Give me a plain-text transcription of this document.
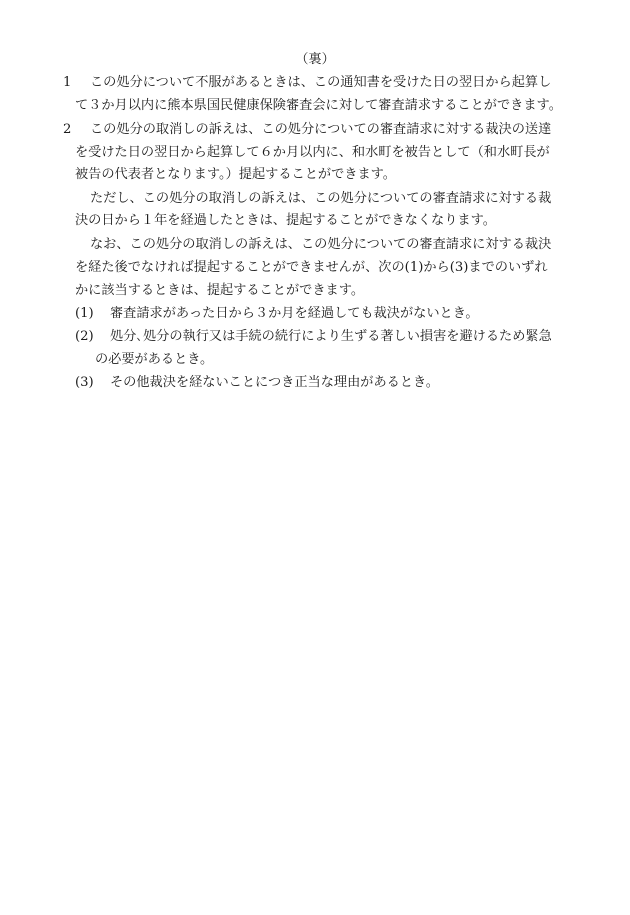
（裏）
1 この処分について不服があるときは、この通知書を受けた日の翌日から起算し
て３か月以内に熊本県国民健康保険審査会に対して審査請求することができます。
2 この処分の取消しの訴えは、この処分についての審査請求に対する裁決の送達
を受けた日の翌日から起算して６か月以内に、和水町を被告として（和水町長が
被告の代表者となります。）提起することができます。
ただし、この処分の取消しの訴えは、この処分についての審査請求に対する裁
決の日から１年を経過したときは、提起することができなくなります。
なお、この処分の取消しの訴えは、この処分についての審査請求に対する裁決
を経た後でなければ提起することができませんが、次の(1)から(3)までのいずれ
かに該当するときは、提起することができます。
(1) 審査請求があった日から３か月を経過しても裁決がないとき。
(2) 処分､処分の執行又は手続の続行により生ずる著しい損害を避けるため緊急
の必要があるとき。
(3) その他裁決を経ないことにつき正当な理由があるとき。
